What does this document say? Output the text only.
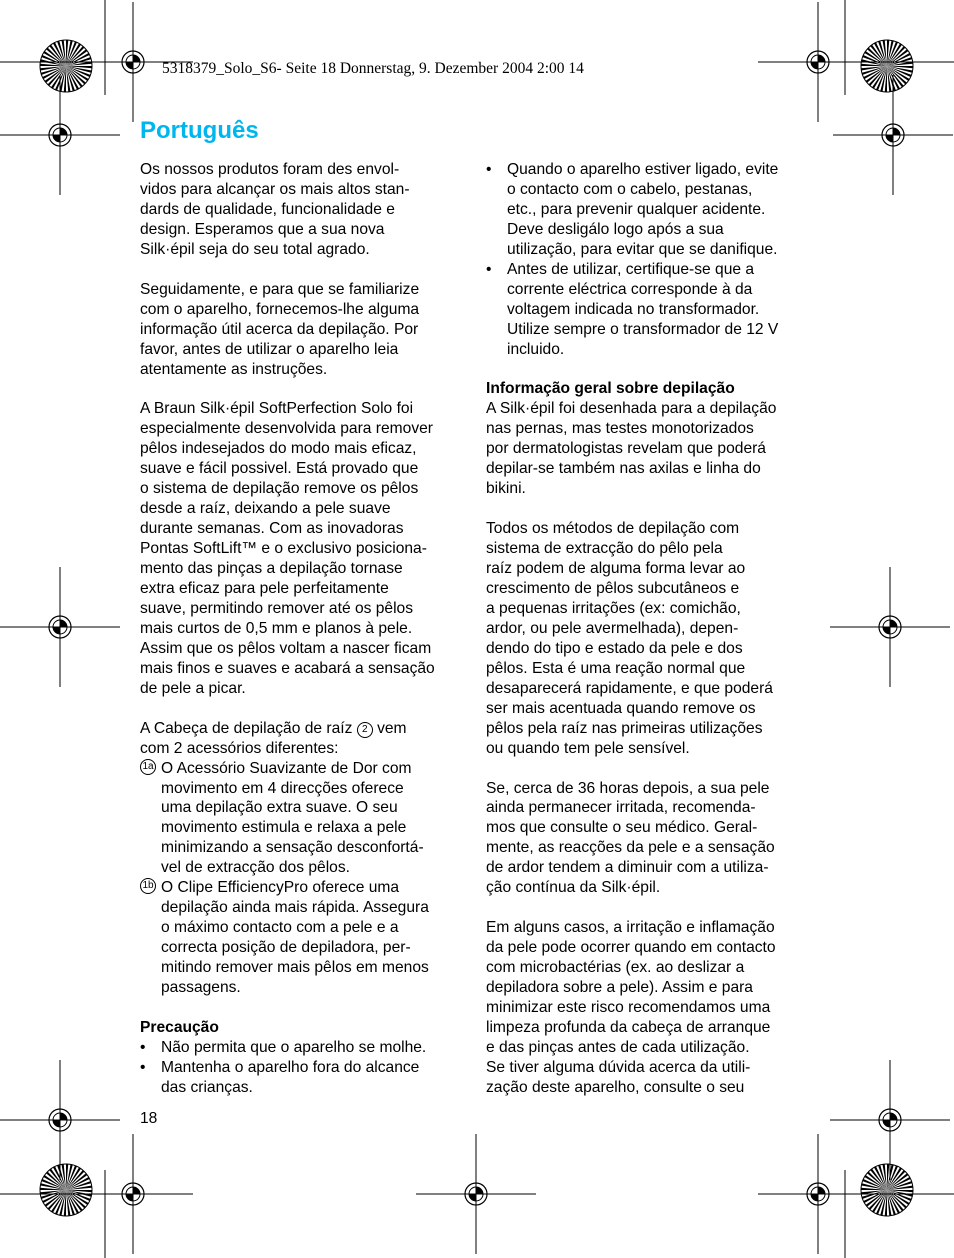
5318379_Solo_S6- Seite 18 Donnerstag, 9. Dezember 2004 2:00 14
Português

Os nossos produtos foram des envol-
vidos para alcançar os mais altos stan-
dards de qualidade, funcionalidade e
design. Esperamos que a sua nova
Silk·épil seja do seu total agrado.

Seguidamente, e para que se familiarize
com o aparelho, fornecemos-lhe alguma
informação útil acerca da depilação. Por
favor, antes de utilizar o aparelho leia
atentamente as instruções.

A Braun Silk·épil SoftPerfection Solo foi
especialmente desenvolvida para remover
pêlos indesejados do modo mais eficaz,
suave e fácil possivel. Está provado que
o sistema de depilação remove os pêlos
desde a raíz, deixando a pele suave
durante semanas. Com as inovadoras
Pontas SoftLift™ e o exclusivo posiciona-
mento das pinças a depilação tornase
extra eficaz para pele perfeitamente
suave, permitindo remover até os pêlos
mais curtos de 0,5 mm e planos à pele.
Assim que os pêlos voltam a nascer ficam
mais finos e suaves e acabará a sensação
de pele a picar.

A Cabeça de depilação de raíz 2 vem
com 2 acessórios diferentes:

1a O Acessório Suavizante de Dor com
movimento em 4 direcções oferece
uma depilação extra suave. O seu
movimento estimula e relaxa a pele
minimizando a sensação desconfortá-
vel de extracção dos pêlos.
1b O Clipe EfficiencyPro oferece uma
depilação ainda mais rápida. Assegura
o máximo contacto com a pele e a
correcta posição de depiladora, per-
mitindo remover mais pêlos em menos
passagens.
Precaução
• Não permita que o aparelho se molhe.
• Mantenha o aparelho fora do alcance
das crianças.
• Quando o aparelho estiver ligado, evite
o contacto com o cabelo, pestanas,
etc., para prevenir qualquer acidente.
Deve desligálo logo após a sua
utilização, para evitar que se danifique.
• Antes de utilizar, certifique-se que a
corrente eléctrica corresponde à da
voltagem indicada no transformador.
Utilize sempre o transformador de 12 V
incluido.
Informação geral sobre depilação

A Silk·épil foi desenhada para a depilação
nas pernas, mas testes monotorizados
por dermatologistas revelam que poderá
depilar-se também nas axilas e linha do
bikini.

Todos os métodos de depilação com
sistema de extracção do pêlo pela
raíz podem de alguma forma levar ao
crescimento de pêlos subcutâneos e
a pequenas irritações (ex: comichão,
ardor, ou pele avermelhada), depen-
dendo do tipo e estado da pele e dos
pêlos. Esta é uma reação normal que
desaparecerá rapidamente, e que poderá
ser mais acentuada quando remove os
pêlos pela raíz nas primeiras utilizações
ou quando tem pele sensível.

Se, cerca de 36 horas depois, a sua pele
ainda permanecer irritada, recomenda-
mos que consulte o seu médico. Geral-
mente, as reacções da pele e a sensação
de ardor tendem a diminuir com a utiliza-
ção contínua da Silk·épil.

Em alguns casos, a irritação e inflamação
da pele pode ocorrer quando em contacto
com microbactérias (ex. ao deslizar a
depiladora sobre a pele). Assim e para
minimizar este risco recomendamos uma
limpeza profunda da cabeça de arranque
e das pinças antes de cada utilização.
Se tiver alguma dúvida acerca da utili-
zação deste aparelho, consulte o seu

18
